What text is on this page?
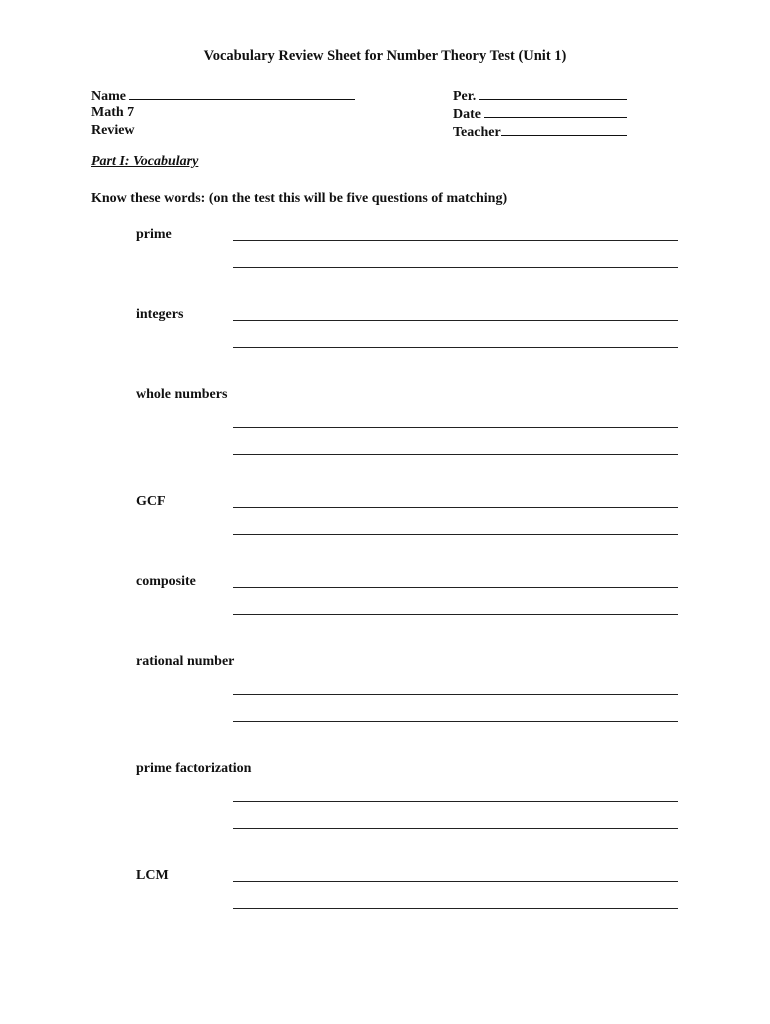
Vocabulary Review Sheet for Number Theory Test (Unit 1)
Name
Math 7
Review
Per.
Date
Teacher
Part I: Vocabulary
Know these words: (on the test this will be five questions of matching)
prime
integers
whole numbers
GCF
composite
rational number
prime factorization
LCM
